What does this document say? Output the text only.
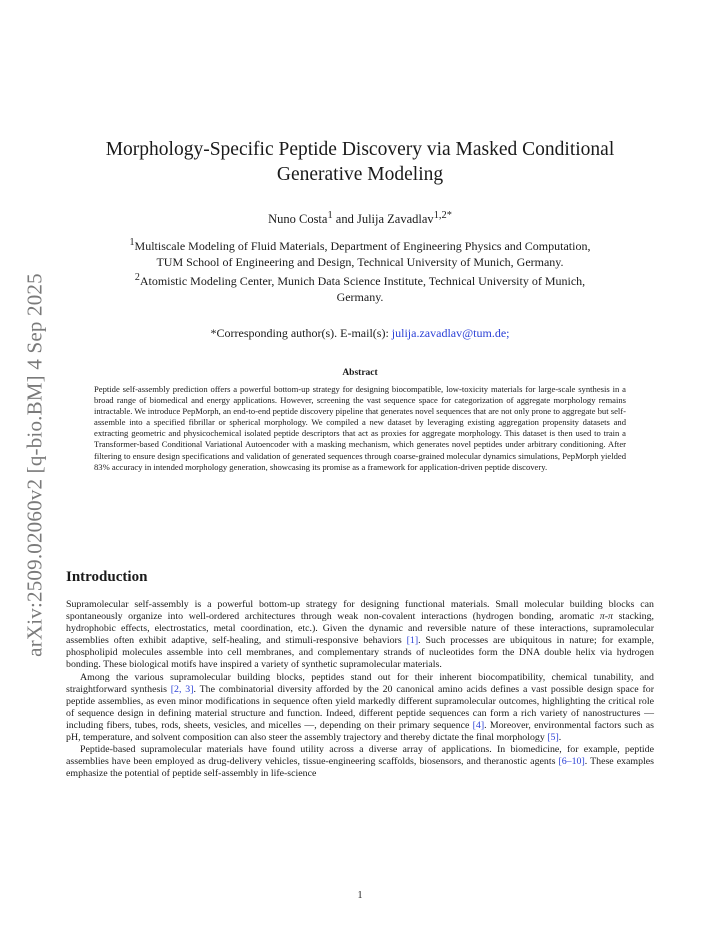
arXiv:2509.02060v2 [q-bio.BM] 4 Sep 2025
Morphology-Specific Peptide Discovery via Masked Conditional
Generative Modeling
Nuno Costa$^1$ and Julija Zavadlav$^{1,2*}$

$^1$Multiscale Modeling of Fluid Materials, Department of Engineering Physics and Computation,

TUM School of Engineering and Design, Technical University of Munich, Germany.

$^2$Atomistic Modeling Center, Munich Data Science Institute, Technical University of Munich,

Germany.

*Corresponding author(s). E-mail(s): julija.zavadlav@tum.de;
Abstract
Peptide self-assembly prediction offers a powerful bottom-up strategy for designing biocompatible, low-toxicity materials for large-scale synthesis in a broad range of biomedical and energy applications. However, screening the vast sequence space for categorization of aggregate morphology remains intractable. We introduce PepMorph, an end-to-end peptide discovery pipeline that generates novel sequences that are not only prone to aggregate but self-assemble into a specified fibrillar or spherical morphology. We compiled a new dataset by leveraging existing aggregation propensity datasets and extracting geometric and physicochemical isolated peptide descriptors that act as proxies for aggregate morphology. This dataset is then used to train a Transformer-based Conditional Variational Autoencoder with a masking mechanism, which generates novel peptides under arbitrary conditioning. After filtering to ensure design specifications and validation of generated sequences through coarse-grained molecular dynamics simulations, PepMorph yielded 83% accuracy in intended morphology generation, showcasing its promise as a framework for application-driven peptide discovery.
Introduction

Supramolecular self-assembly is a powerful bottom-up strategy for designing functional materials. Small molecular building blocks can spontaneously organize into well-ordered architectures through weak non-covalent interactions (hydrogen bonding, aromatic π-π stacking, hydrophobic effects, electrostatics, metal coordination, etc.). Given the dynamic and reversible nature of these interactions, supramolecular assemblies often exhibit adaptive, self-healing, and stimuli-responsive behaviors [1]. Such processes are ubiquitous in nature; for example, phospholipid molecules assemble into cell membranes, and complementary strands of nucleotides form the DNA double helix via hydrogen bonding. These biological motifs have inspired a variety of synthetic supramolecular materials.

Among the various supramolecular building blocks, peptides stand out for their inherent biocompatibility, chemical tunability, and straightforward synthesis [2, 3]. The combinatorial diversity afforded by the 20 canonical amino acids defines a vast possible design space for peptide assemblies, as even minor modifications in sequence often yield markedly different supramolecular outcomes, highlighting the critical role of sequence design in defining material structure and function. Indeed, different peptide sequences can form a rich variety of nanostructures — including fibers, tubes, rods, sheets, vesicles, and micelles —, depending on their primary sequence [4]. Moreover, environmental factors such as pH, temperature, and solvent composition can also steer the assembly trajectory and thereby dictate the final morphology [5].

Peptide-based supramolecular materials have found utility across a diverse array of applications. In biomedicine, for example, peptide assemblies have been employed as drug-delivery vehicles, tissue-engineering scaffolds, biosensors, and theranostic agents [6–10]. These examples emphasize the potential of peptide self-assembly in life-science

1
